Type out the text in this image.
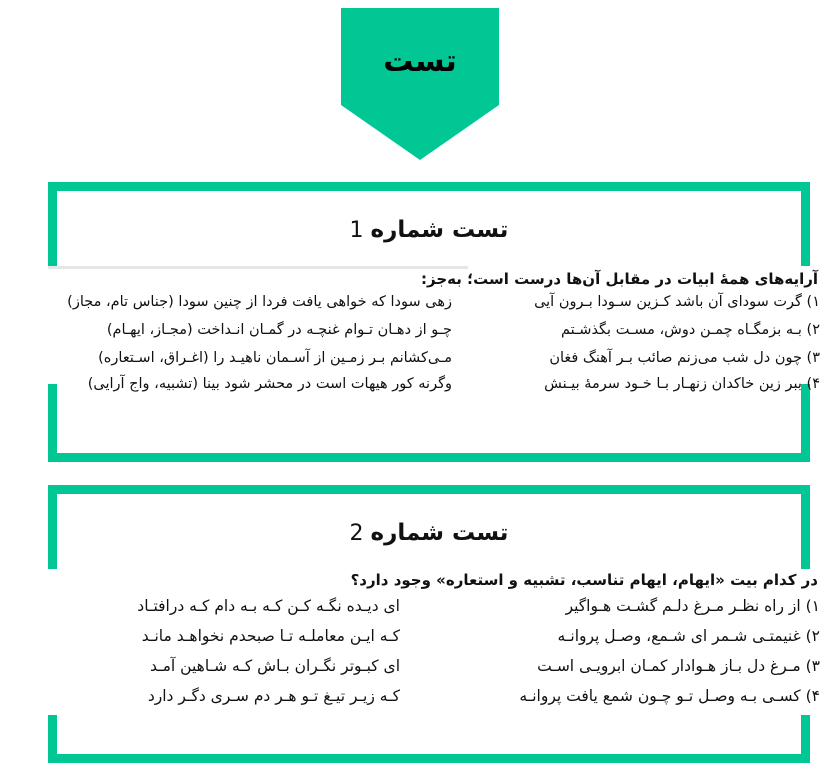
تست
تست شماره 1
آرایه‌های همهٔ ابیات در مقابل آن‌ها درست است؛ به‌جز:
۱) گرت سودای آن باشد کـزین سـودا بـرون آیی
زهی سودا که خواهی یافت فردا از چنین سودا (جناس تام، مجاز)
۲) بـه بزمگـاه چمـن دوش، مسـت بگذشـتم
چـو از دهـان تـوام غنچـه در گمـان انـداخت (مجـاز، ایهـام)
۳) چون دل شب می‌زنم صائب بـر آهنگ فغان
مـی‌کشانم بـر زمـین از آسـمان ناهیـد را (اغـراق، اسـتعاره)
۴) ببر زین خاکدان زنهـار بـا خـود سرمهٔ بیـنش
وگرنه کور هیهات است در محشر شود بینا (تشبیه، واج آرایی)
تست شماره 2
در کدام بیت «ایهام، ایهام تناسب، تشبیه و استعاره» وجود دارد؟
۱) از راه نظـر مـرغ دلـم گشـت هـواگیر
ای دیـده نگـه کـن کـه بـه دام کـه درافتـاد
۲) غنیمتـی شـمر ای شـمع، وصـل پروانـه
کـه ایـن معاملـه تـا صبحدم نخواهـد مانـد
۳) مـرغ دل بـاز هـوادار کمـان ابرویـی اسـت
ای کبـوتر نگـران بـاش کـه شـاهین آمـد
۴) کسـی بـه وصـل تـو چـون شمع یافت پروانـه
کـه زیـر تیـغ تـو هـر دم سـری دگـر دارد
